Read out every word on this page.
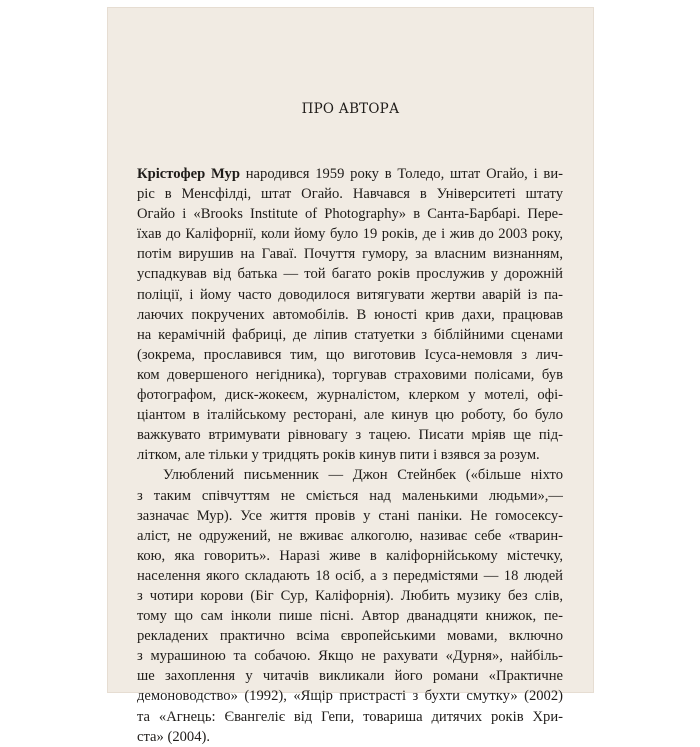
ПРО АВТОРА
Крістофер Мур народився 1959 року в Толедо, штат Огайо, і ви-
ріс в Менсфілді, штат Огайо. Навчався в Університеті штату
Огайо і «Brooks Institute of Photography» в Санта-Барбарі. Пере-
їхав до Каліфорнії, коли йому було 19 років, де і жив до 2003 року,
потім вирушив на Гаваї. Почуття гумору, за власним визнанням,
успадкував від батька — той багато років прослужив у дорожній
поліції, і йому часто доводилося витягувати жертви аварій із па-
лаючих покручених автомобілів. В юності крив дахи, працював
на керамічній фабриці, де ліпив статуетки з біблійними сценами
(зокрема, прославився тим, що виготовив Ісуса-немовля з лич-
ком довершеного негідника), торгував страховими полісами, був
фотографом, диск-жокеєм, журналістом, клерком у мотелі, офі-
ціантом в італійському ресторані, але кинув цю роботу, бо було
важкувато втримувати рівновагу з тацею. Писати мріяв ще під-
літком, але тільки у тридцять років кинув пити і взявся за розум.
Улюблений письменник — Джон Стейнбек («більше ніхто
з таким співчуттям не сміється над маленькими людьми»,—
зазначає Мур). Усе життя провів у стані паніки. Не гомосексу-
аліст, не одружений, не вживає алкоголю, називає себе «тварин-
кою, яка говорить». Наразі живе в каліфорнійському містечку,
населення якого складають 18 осіб, а з передмістями — 18 людей
з чотири корови (Біг Сур, Каліфорнія). Любить музику без слів,
тому що сам інколи пише пісні. Автор дванадцяти книжок, пе-
рекладених практично всіма європейськими мовами, включно
з мурашиною та собачою. Якщо не рахувати «Дурня», найбіль-
ше захоплення у читачів викликали його романи «Практичне
демоноводство» (1992), «Ящір пристрасті з бухти смутку» (2002)
та «Агнець: Євангеліє від Гепи, товариша дитячих років Хри-
ста» (2004).
